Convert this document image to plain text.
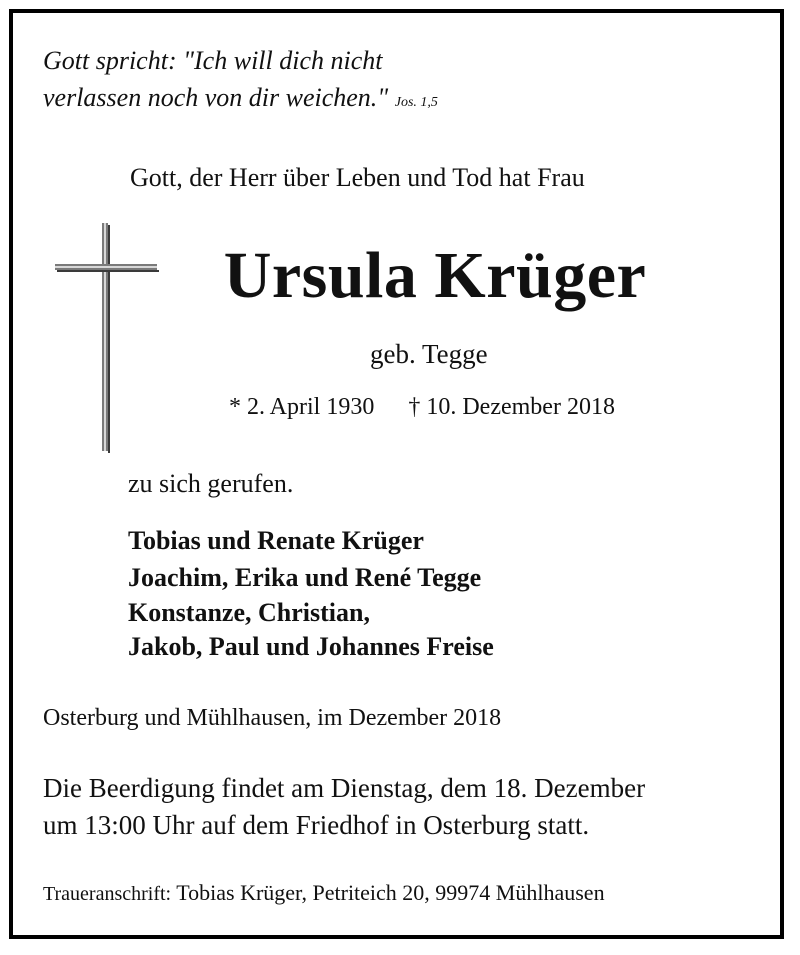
Gott spricht: "Ich will dich nicht
verlassen noch von dir weichen." Jos. 1,5
Gott, der Herr über Leben und Tod hat Frau
Ursula Krüger
geb. Tegge
* 2. April 1930 † 10. Dezember 2018
zu sich gerufen.
Tobias und Renate Krüger
Joachim, Erika und René Tegge
Konstanze, Christian,
Jakob, Paul und Johannes Freise
Osterburg und Mühlhausen, im Dezember 2018
Die Beerdigung findet am Dienstag, dem 18. Dezember
um 13:00 Uhr auf dem Friedhof in Osterburg statt.
Traueranschrift: Tobias Krüger, Petriteich 20, 99974 Mühlhausen
